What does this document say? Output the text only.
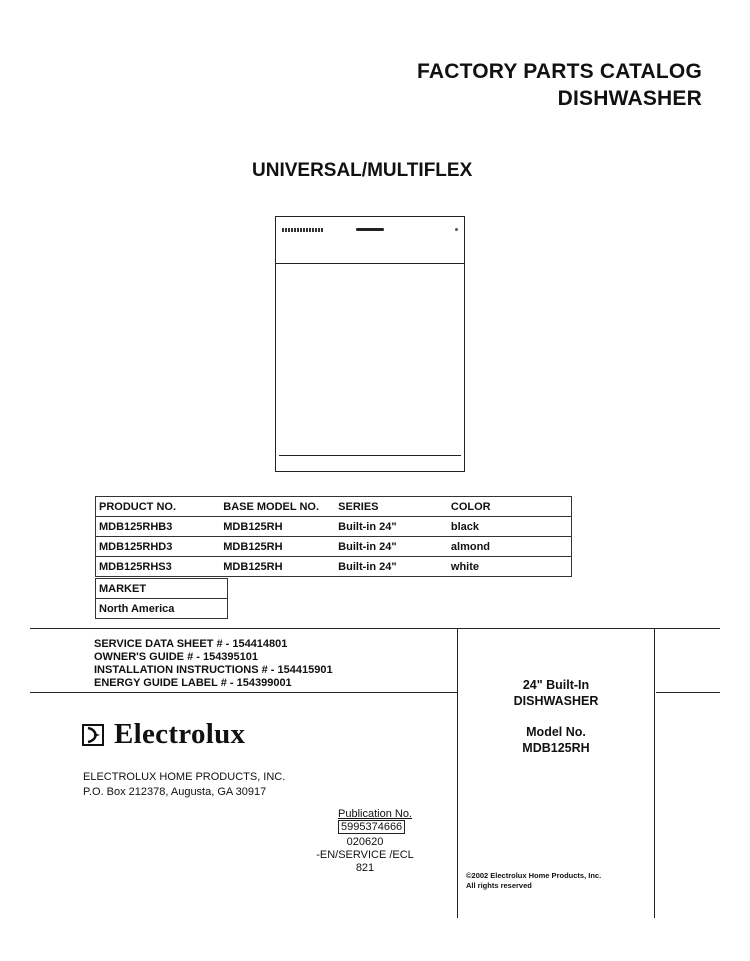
FACTORY PARTS CATALOG
DISHWASHER
UNIVERSAL/MULTIFLEX
PRODUCT NO.	BASE MODEL NO.	SERIES	COLOR
MDB125RHB3	MDB125RH	Built-in 24"	black
MDB125RHD3	MDB125RH	Built-in 24"	almond
MDB125RHS3	MDB125RH	Built-in 24"	white
MARKET
North America
SERVICE DATA SHEET # - 154414801
OWNER'S GUIDE # - 154395101
INSTALLATION INSTRUCTIONS # - 154415901
ENERGY GUIDE LABEL # - 154399001
Electrolux
ELECTROLUX HOME PRODUCTS, INC.
P.O. Box 212378, Augusta, GA 30917
24" Built-In
DISHWASHER
Model No.
MDB125RH
Publication No.
5995374666
020620
-EN/SERVICE /ECL
821
©2002 Electrolux Home Products, Inc.
All rights reserved
